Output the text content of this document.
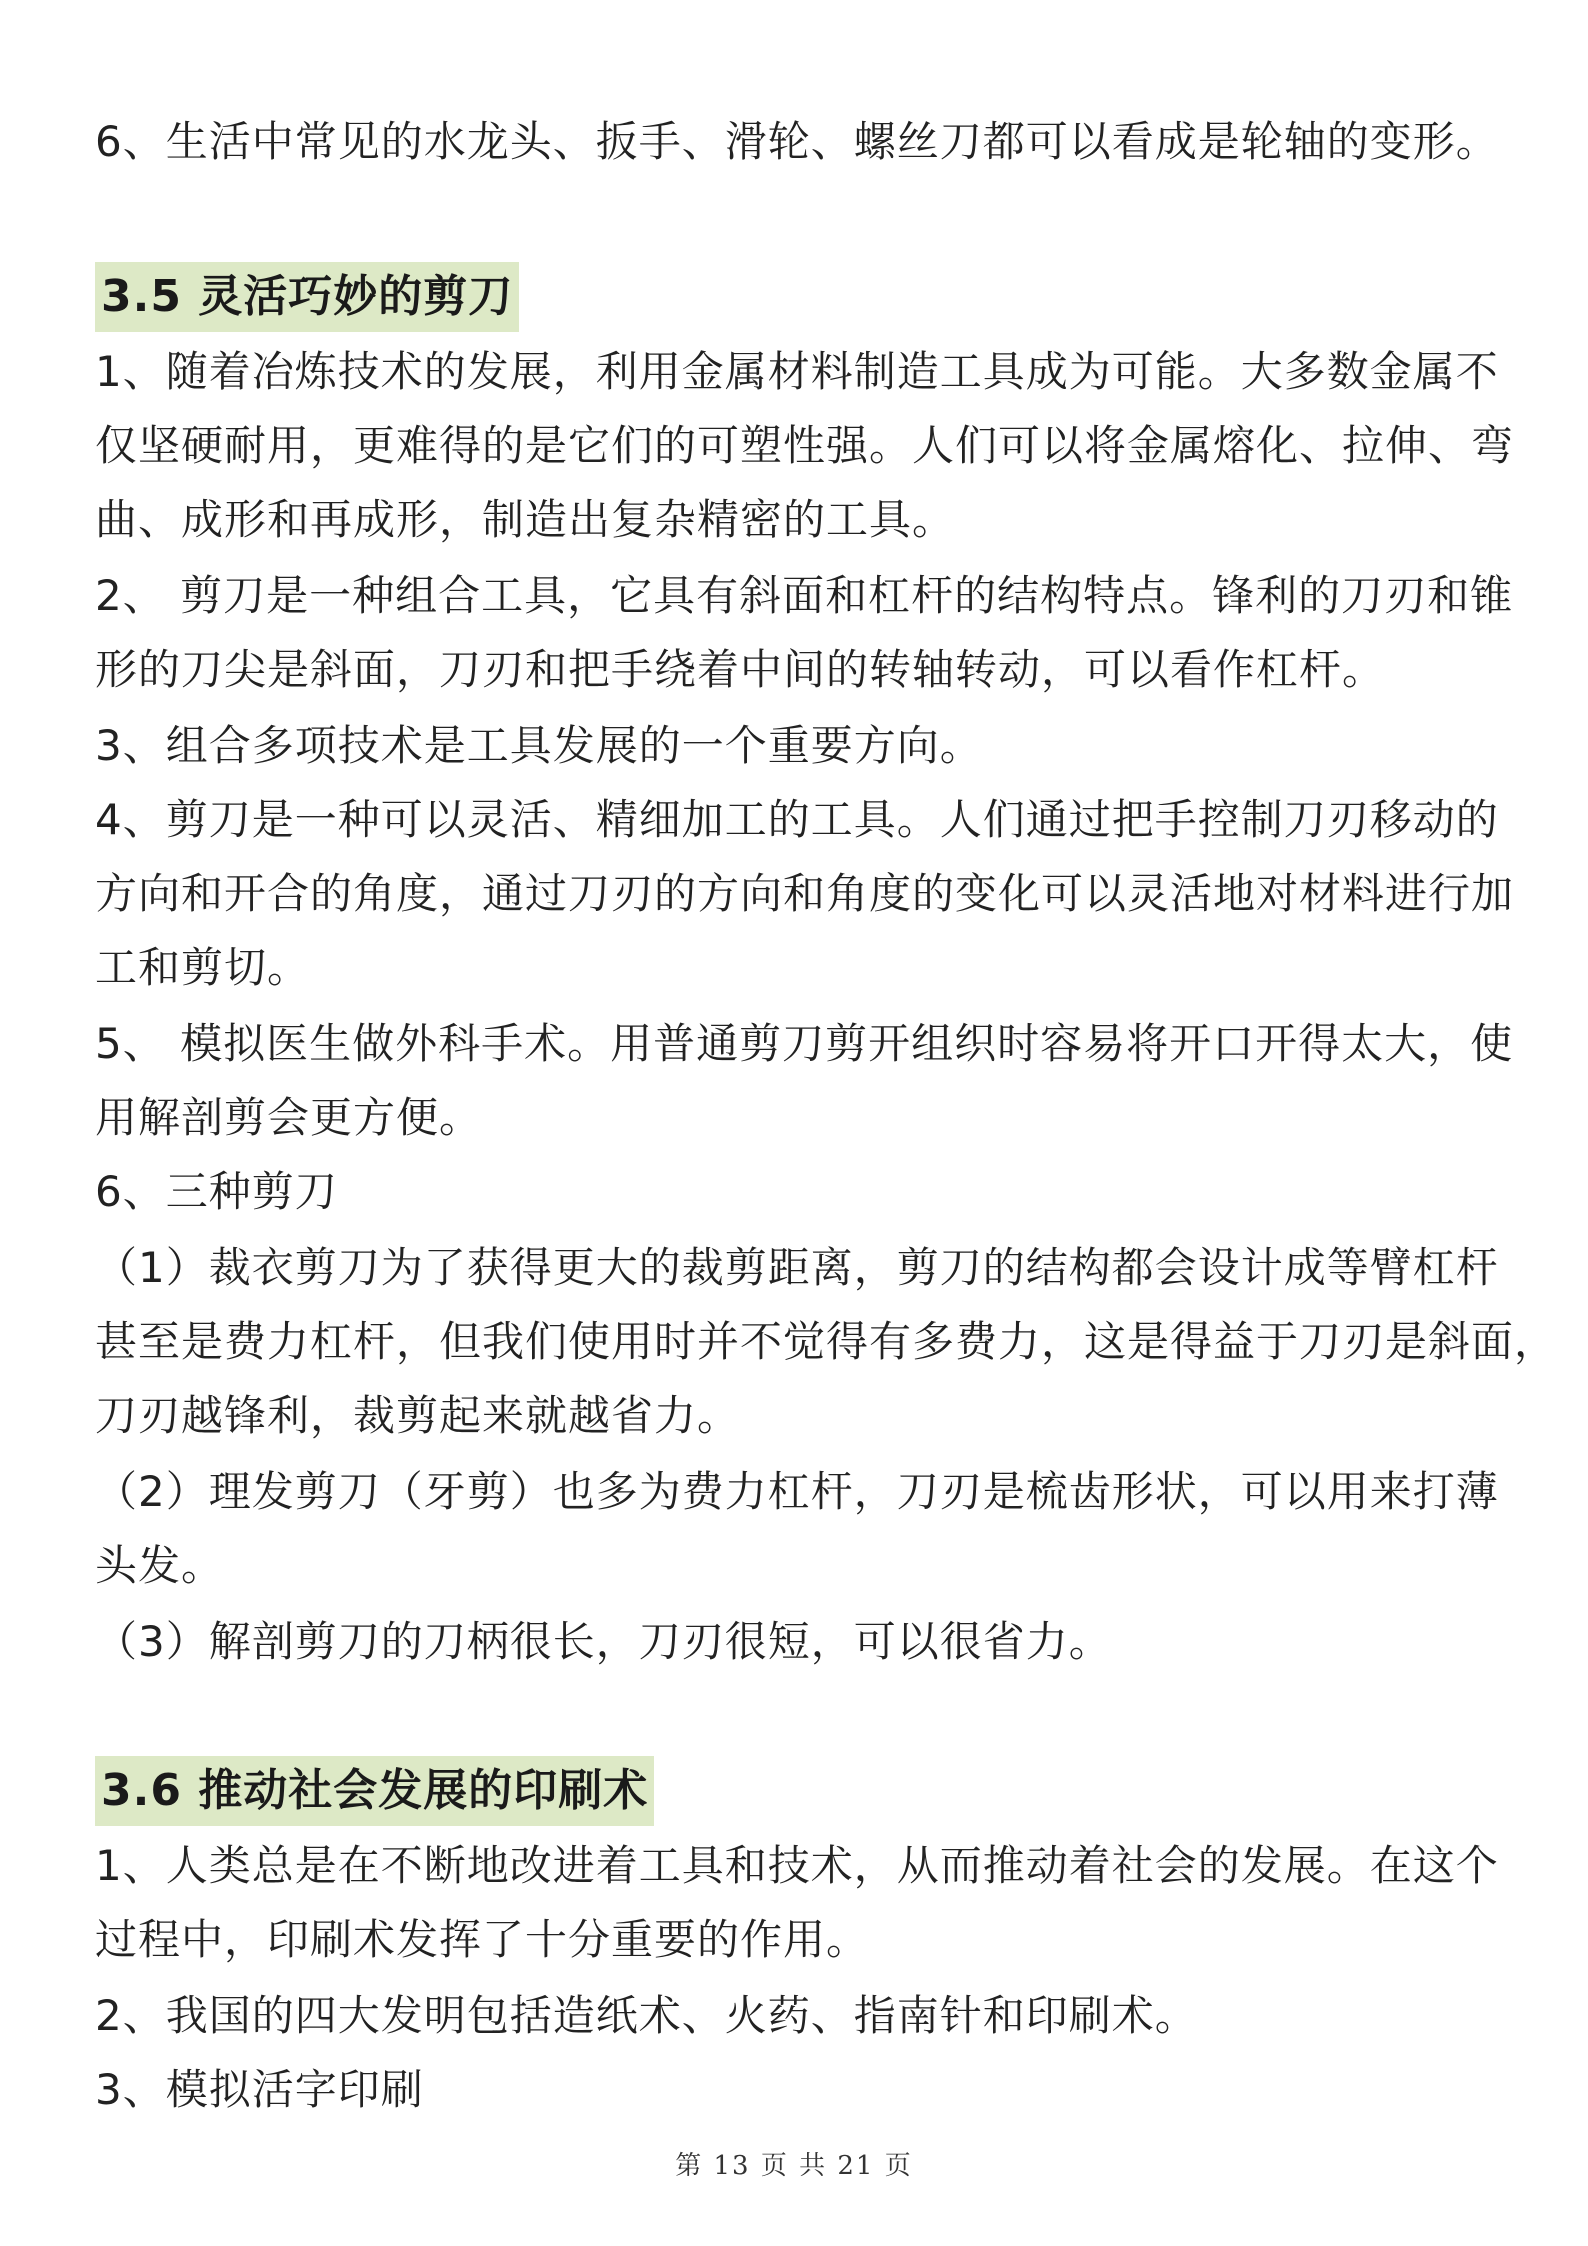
6、生活中常见的水龙头、扳手、滑轮、螺丝刀都可以看成是轮轴的变形。
3.5 灵活巧妙的剪刀
1、随着冶炼技术的发展，利用金属材料制造工具成为可能。大多数金属不
仅坚硬耐用，更难得的是它们的可塑性强。人们可以将金属熔化、拉伸、弯
曲、成形和再成形，制造出复杂精密的工具。
2、 剪刀是一种组合工具，它具有斜面和杠杆的结构特点。锋利的刀刃和锥
形的刀尖是斜面，刀刃和把手绕着中间的转轴转动，可以看作杠杆。
3、组合多项技术是工具发展的一个重要方向。
4、剪刀是一种可以灵活、精细加工的工具。人们通过把手控制刀刃移动的
方向和开合的角度，通过刀刃的方向和角度的变化可以灵活地对材料进行加
工和剪切。
5、 模拟医生做外科手术。用普通剪刀剪开组织时容易将开口开得太大，使
用解剖剪会更方便。
6、三种剪刀
（1）裁衣剪刀为了获得更大的裁剪距离，剪刀的结构都会设计成等臂杠杆
甚至是费力杠杆，但我们使用时并不觉得有多费力，这是得益于刀刃是斜面，
刀刃越锋利，裁剪起来就越省力。
（2）理发剪刀（牙剪）也多为费力杠杆，刀刃是梳齿形状，可以用来打薄
头发。
（3）解剖剪刀的刀柄很长，刀刃很短，可以很省力。
3.6 推动社会发展的印刷术
1、人类总是在不断地改进着工具和技术，从而推动着社会的发展。在这个
过程中，印刷术发挥了十分重要的作用。
2、我国的四大发明包括造纸术、火药、指南针和印刷术。
3、模拟活字印刷
第 13 页 共 21 页
